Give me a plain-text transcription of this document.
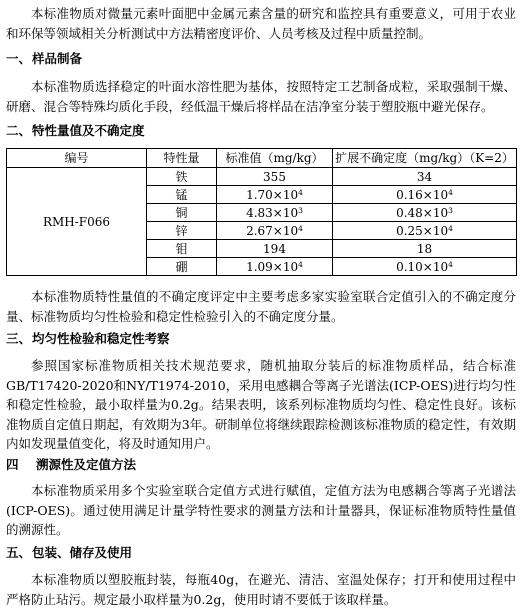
本标准物质对微量元素叶面肥中金属元素含量的研究和监控具有重要意义，可用于农业和环保等领域相关分析测试中方法精密度评价、人员考核及过程中质量控制。

一、样品制备

本标准物质选择稳定的叶面水溶性肥为基体，按照特定工艺制备成粒，采取强制干燥、研磨、混合等特殊均质化手段，经低温干燥后将样品在洁净室分装于塑胶瓶中避光保存。

二、特性量值及不确定度
编号	特性量	标准值（mg/kg）	扩展不确定度（mg/kg）（K=2）
RMH-F066	铁	355	34
	锰	$1.70\times 10^4$	$0.16\times 10^4$
	铜	$4.83\times 10^3$	$0.48\times 10^3$
	锌	$2.67\times 10^4$	$0.25\times 10^4$
	钼	194	18
	硼	$1.09\times 10^4$	$0.10\times 10^4$

本标准物质特性量值的不确定度评定中主要考虑多家实验室联合定值引入的不确定度分量、标准物质均匀性检验和稳定性检验引入的不确定度分量。

三、均匀性检验和稳定性考察

参照国家标准物质相关技术规范要求，随机抽取分装后的标准物质样品，结合标准GB/T17420-2020和NY/T1974-2010，采用电感耦合等离子光谱法(ICP-OES)进行均匀性和稳定性检验，最小取样量为0.2g。结果表明，该系列标准物质均匀性、稳定性良好。该标准物质自定值日期起，有效期为3年。研制单位将继续跟踪检测该标准物质的稳定性，有效期内如发现量值变化，将及时通知用户。

四 溯源性及定值方法

本标准物质采用多个实验室联合定值方式进行赋值，定值方法为电感耦合等离子光谱法(ICP-OES)。通过使用满足计量学特性要求的测量方法和计量器具，保证标准物质特性量值的溯源性。

五、包装、储存及使用

本标准物质以塑胶瓶封装，每瓶40g，在避光、清洁、室温处保存；打开和使用过程中严格防止玷污。规定最小取样量为0.2g，使用时请不要低于该取样量。
